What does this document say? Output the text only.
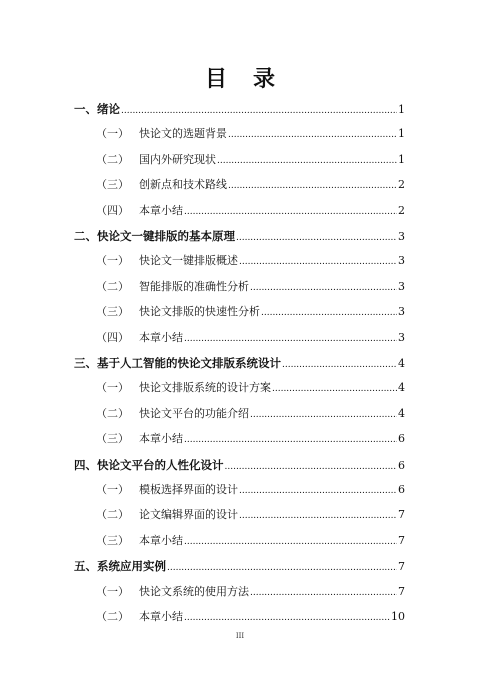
目 录
一、绪论 .....	1
（一） 快论文的选题背景 .....	1
（二） 国内外研究现状 .....	1
（三） 创新点和技术路线 .....	2
（四） 本章小结 .....	2
二、快论文一键排版的基本原理 .....	3
（一） 快论文一键排版概述 .....	3
（二） 智能排版的准确性分析 .....	3
（三） 快论文排版的快速性分析 .....	3
（四） 本章小结 .....	3
三、基于人工智能的快论文排版系统设计 .....	4
（一） 快论文排版系统的设计方案 .....	4
（二） 快论文平台的功能介绍 .....	4
（三） 本章小结 .....	6
四、快论文平台的人性化设计 .....	6
（一） 模板选择界面的设计 .....	6
（二） 论文编辑界面的设计 .....	7
（三） 本章小结 .....	7
五、系统应用实例 .....	7
（一） 快论文系统的使用方法 .....	7
（二） 本章小结 .....	10
III
